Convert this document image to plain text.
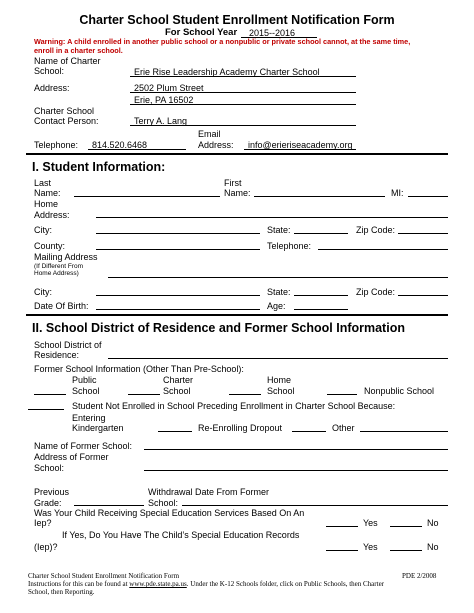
Charter School Student Enrollment Notification Form
For School Year 2015--2016
Warning: A child enrolled in another public school or a nonpublic or private school cannot, at the same time,
enroll in a charter school.
Name of Charter
School:	Erie Rise Leadership Academy Charter School
Address:	2502 Plum Street
Erie, PA 16502
Charter School
Contact Person:	Terry A. Lang
Telephone: 814.520.6468
Email
Address: info@erieriseacademy.org
I. Student Information:
Last
Name:
First
Name:	MI:
Home
Address:
City:	State:	Zip Code:
County:	Telephone:
Mailing Address
(If Different From
Home Address)
City:	State:	Zip Code:
Date Of Birth:	Age:
II. School District of Residence and Former School Information
School District of
Residence:
Former School Information (Other Than Pre-School):
Public
School
Charter
School
Home
School	Nonpublic School
Student Not Enrolled in School Preceding Enrollment in Charter School Because:
Entering
Kindergarten	Re-Enrolling Dropout	Other
Name of Former School:
Address of Former
School:
Previous
Grade:
Withdrawal Date From Former
School:
Was Your Child Receiving Special Education Services Based On An
Iep?	Yes	No
If Yes, Do You Have The Child’s Special Education Records
(Iep)?	Yes	No
Charter School Student Enrollment Notification Form	PDE 2/2008
Instructions for this can be found at www.pde.state.pa.us. Under the K-12 Schools folder, click on Public Schools, then Charter
School, then Reporting.
